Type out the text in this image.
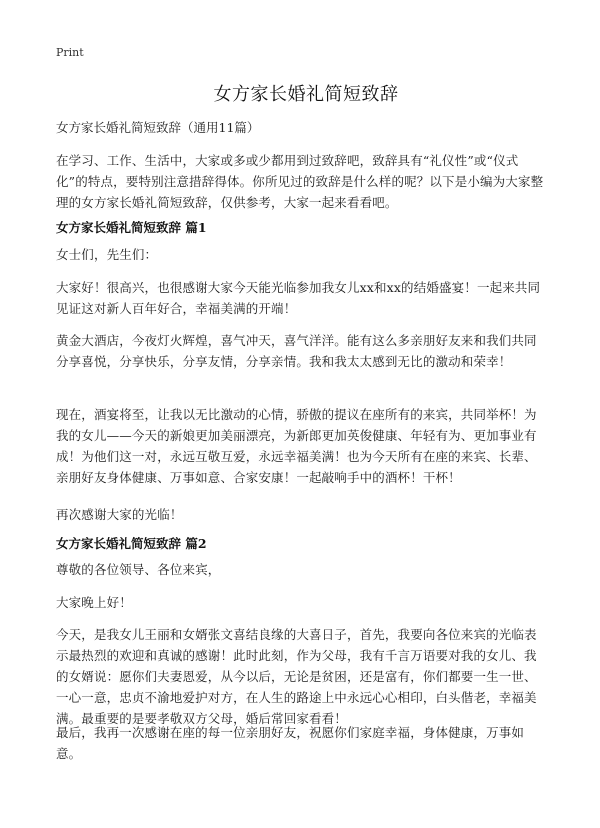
Print
女方家长婚礼简短致辞

女方家长婚礼简短致辞（通用11篇）

在学习、工作、生活中，大家或多或少都用到过致辞吧，致辞具有“礼仪性”或“仪式化”的特点，要特别注意措辞得体。你所见过的致辞是什么样的呢？以下是小编为大家整理的女方家长婚礼简短致辞，仅供参考，大家一起来看看吧。

女方家长婚礼简短致辞 篇1

女士们，先生们：

大家好！很高兴，也很感谢大家今天能光临参加我女儿xx和xx的结婚盛宴！一起来共同见证这对新人百年好合，幸福美满的开端！

黄金大酒店，今夜灯火辉煌，喜气冲天，喜气洋洋。能有这么多亲朋好友来和我们共同分享喜悦，分享快乐，分享友情，分享亲情。我和我太太感到无比的激动和荣幸！

现在，酒宴将至，让我以无比激动的心情，骄傲的提议在座所有的来宾，共同举杯！为我的女儿——今天的新娘更加美丽漂亮，为新郎更加英俊健康、年轻有为、更加事业有成！为他们这一对，永远互敬互爱，永远幸福美满！也为今天所有在座的来宾、长辈、亲朋好友身体健康、万事如意、合家安康！一起敲响手中的酒杯！干杯！

再次感谢大家的光临！

女方家长婚礼简短致辞 篇2

尊敬的各位领导、各位来宾，

大家晚上好！

今天，是我女儿王丽和女婿张文喜结良缘的大喜日子，首先，我要向各位来宾的光临表示最热烈的欢迎和真诚的感谢！此时此刻，作为父母，我有千言万语要对我的女儿、我的女婿说：愿你们夫妻恩爱，从今以后，无论是贫困，还是富有，你们都要一生一世、一心一意，忠贞不渝地爱护对方，在人生的路途上中永远心心相印，白头偕老，幸福美满。最重要的是要孝敬双方父母，婚后常回家看看！

最后，我再一次感谢在座的每一位亲朋好友，祝愿你们家庭幸福，身体健康，万事如意。
